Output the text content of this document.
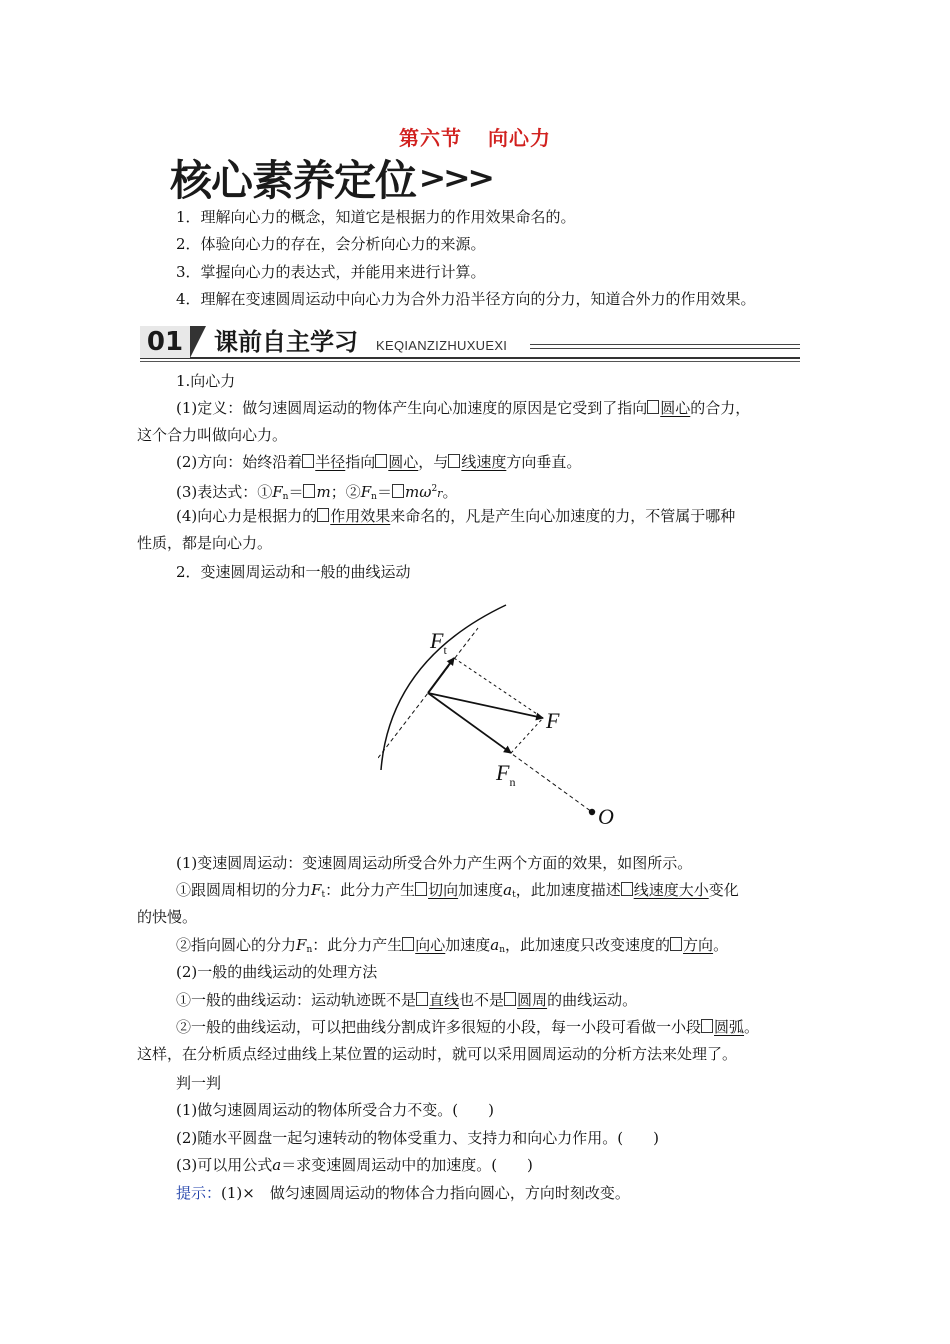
第六节 向心力
核心素养定位 >>>
1．理解向心力的概念，知道它是根据力的作用效果命名的。
2．体验向心力的存在，会分析向心力的来源。
3．掌握向心力的表达式，并能用来进行计算。
4．理解在变速圆周运动中向心力为合外力沿半径方向的分力，知道合外力的作用效果。
01 课前自主学习 KEQIANZIZHUXUEXI
1.向心力
(1)定义：做匀速圆周运动的物体产生向心加速度的原因是它受到了指向 圆心的合力，
这个合力叫做向心力。
(2)方向：始终沿着 半径指向 圆心，与 线速度方向垂直。
(3)表达式：$①F_n= m$；$②F_n= m\omega^2r$。
(4)向心力是根据力的 作用效果来命名的，凡是产生向心加速度的力，不管属于哪种
性质，都是向心力。
2．变速圆周运动和一般的曲线运动
$F_t$
F
$F_n$
O
(1)变速圆周运动：变速圆周运动所受合外力产生两个方面的效果，如图所示。
①跟圆周相切的分力$F_t$：此分力产生 切向加速度$a_t$，此加速度描述 线速度大小变化
的快慢。
②指向圆心的分力$F_n$：此分力产生 向心加速度$a_n$，此加速度只改变速度的 方向。
(2)一般的曲线运动的处理方法
①一般的曲线运动：运动轨迹既不是 直线也不是 圆周的曲线运动。
②一般的曲线运动，可以把曲线分割成许多很短的小段，每一小段可看做一小段 圆弧。
这样，在分析质点经过曲线上某位置的运动时，就可以采用圆周运动的分析方法来处理了。
判一判
(1)做匀速圆周运动的物体所受合力不变。(　　)
(2)随水平圆盘一起匀速转动的物体受重力、支持力和向心力作用。(　　)
(3)可以用公式a＝求变速圆周运动中的加速度。(　　)
提示：(1)×　做匀速圆周运动的物体合力指向圆心，方向时刻改变。
